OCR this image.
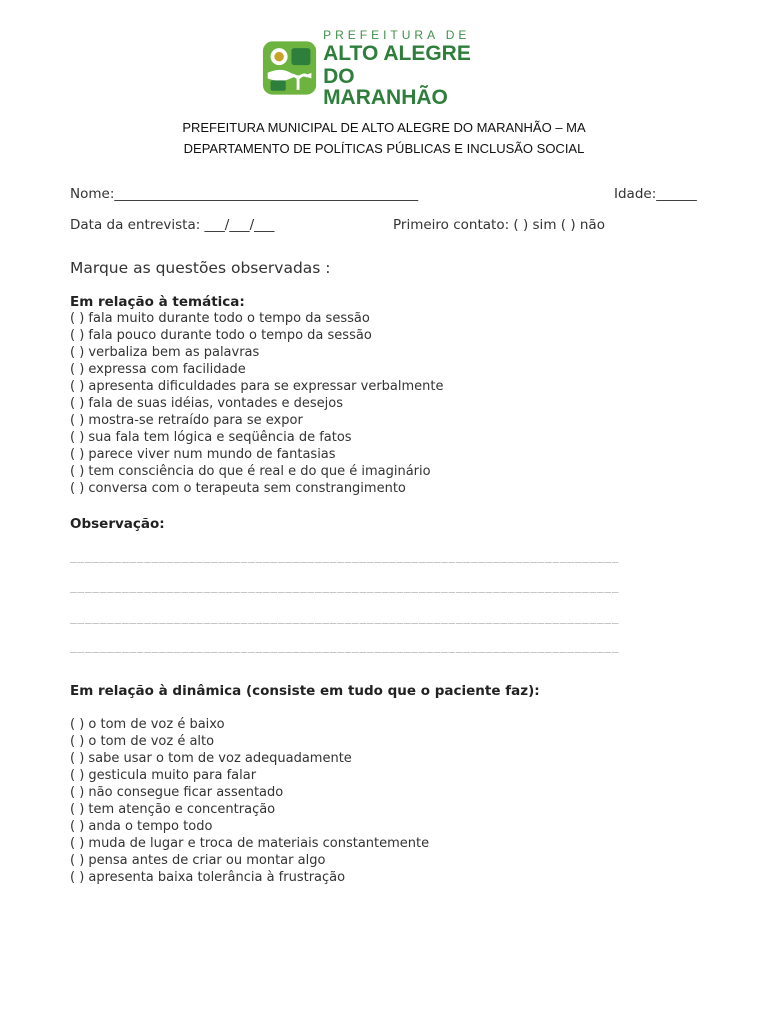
PREFEITURA DE
ALTO ALEGRE
DO MARANHÃO
PREFEITURA MUNICIPAL DE ALTO ALEGRE DO MARANHÃO – MA
DEPARTAMENTO DE POLÍTICAS PÚBLICAS E INCLUSÃO SOCIAL
Nome:_____________________________________________	Idade:______
Data da entrevista: ___/___/___	Primeiro contato: ( ) sim ( ) não
Marque as questões observadas :
Em relação à temática:
( ) fala muito durante todo o tempo da sessão
( ) fala pouco durante todo o tempo da sessão
( ) verbaliza bem as palavras
( ) expressa com facilidade
( ) apresenta dificuldades para se expressar verbalmente
( ) fala de suas idéias, vontades e desejos
( ) mostra-se retraído para se expor
( ) sua fala tem lógica e seqüência de fatos
( ) parece viver num mundo de fantasias
( ) tem consciência do que é real e do que é imaginário
( ) conversa com o terapeuta sem constrangimento
Observação:
__________________________________________________________________________
__________________________________________________________________________
__________________________________________________________________________
__________________________________________________________________________
Em relação à dinâmica (consiste em tudo que o paciente faz):
( ) o tom de voz é baixo
( ) o tom de voz é alto
( ) sabe usar o tom de voz adequadamente
( ) gesticula muito para falar
( ) não consegue ficar assentado
( ) tem atenção e concentração
( ) anda o tempo todo
( ) muda de lugar e troca de materiais constantemente
( ) pensa antes de criar ou montar algo
( ) apresenta baixa tolerância à frustração
